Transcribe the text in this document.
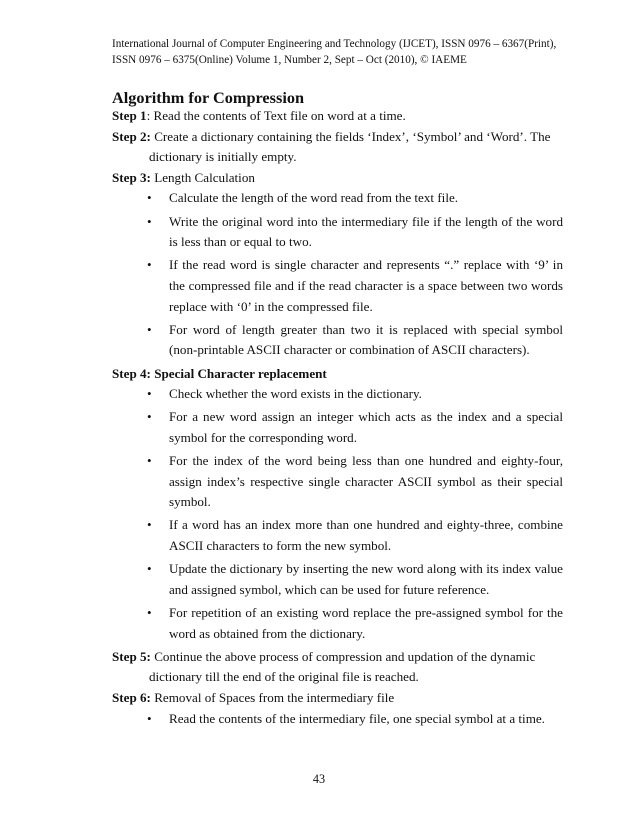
International Journal of Computer Engineering and Technology (IJCET), ISSN 0976 – 6367(Print),
ISSN 0976 – 6375(Online) Volume 1, Number 2, Sept – Oct (2010), © IAEME
Algorithm for Compression
Step 1: Read the contents of Text file on word at a time.
Step 2: Create a dictionary containing the fields ‘Index’, ‘Symbol’ and ‘Word’. The
dictionary is initially empty.
Step 3: Length Calculation
• Calculate the length of the word read from the text file.
• Write the original word into the intermediary file if the length of the word is less than or equal to two.
• If the read word is single character and represents “.” replace with ‘9’ in the compressed file and if the read character is a space between two words replace with ‘0’ in the compressed file.
• For word of length greater than two it is replaced with special symbol (non-printable ASCII character or combination of ASCII characters).
Step 4: Special Character replacement
• Check whether the word exists in the dictionary.
• For a new word assign an integer which acts as the index and a special symbol for the corresponding word.
• For the index of the word being less than one hundred and eighty-four, assign index’s respective single character ASCII symbol as their special symbol.
• If a word has an index more than one hundred and eighty-three, combine ASCII characters to form the new symbol.
• Update the dictionary by inserting the new word along with its index value and assigned symbol, which can be used for future reference.
• For repetition of an existing word replace the pre-assigned symbol for the word as obtained from the dictionary.
Step 5: Continue the above process of compression and updation of the dynamic
dictionary till the end of the original file is reached.
Step 6: Removal of Spaces from the intermediary file
• Read the contents of the intermediary file, one special symbol at a time.
43
